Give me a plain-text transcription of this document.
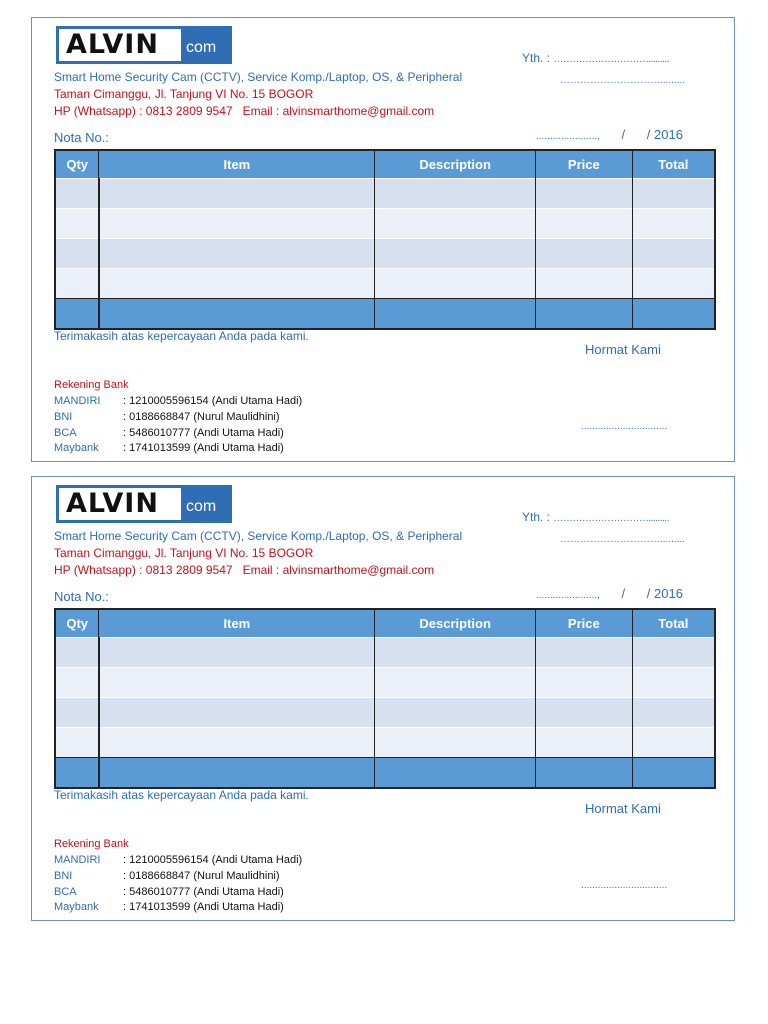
ALVIN	com
Yth. : ………………………….........
………………………….........
Smart Home Security Cam (CCTV), Service Komp./Laptop, OS, & Peripheral
Taman Cimanggu, Jl. Tanjung VI No. 15 BOGOR
HP (Whatsapp) : 0813 2809 9547   Email : alvinsmarthome@gmail.com
Nota No.:	......................, / / 2016
Qty	Item	Description	Price	Total

Terimakasih atas kepercayaan Anda pada kami.
Hormat Kami
...............................
Rekening Bank
MANDIRI : 1210005596154 (Andi Utama Hadi)
BNI	: 0188668847 (Nurul Maulidhini)
BCA	: 5486010777 (Andi Utama Hadi)
Maybank : 1741013599 (Andi Utama Hadi)
ALVIN	com
Yth. : ………………………….........
………………………….........
Smart Home Security Cam (CCTV), Service Komp./Laptop, OS, & Peripheral
Taman Cimanggu, Jl. Tanjung VI No. 15 BOGOR
HP (Whatsapp) : 0813 2809 9547   Email : alvinsmarthome@gmail.com
Nota No.:	......................, / / 2016
Qty	Item	Description	Price	Total

Terimakasih atas kepercayaan Anda pada kami.
Hormat Kami
...............................
Rekening Bank
MANDIRI : 1210005596154 (Andi Utama Hadi)
BNI	: 0188668847 (Nurul Maulidhini)
BCA	: 5486010777 (Andi Utama Hadi)
Maybank : 1741013599 (Andi Utama Hadi)
